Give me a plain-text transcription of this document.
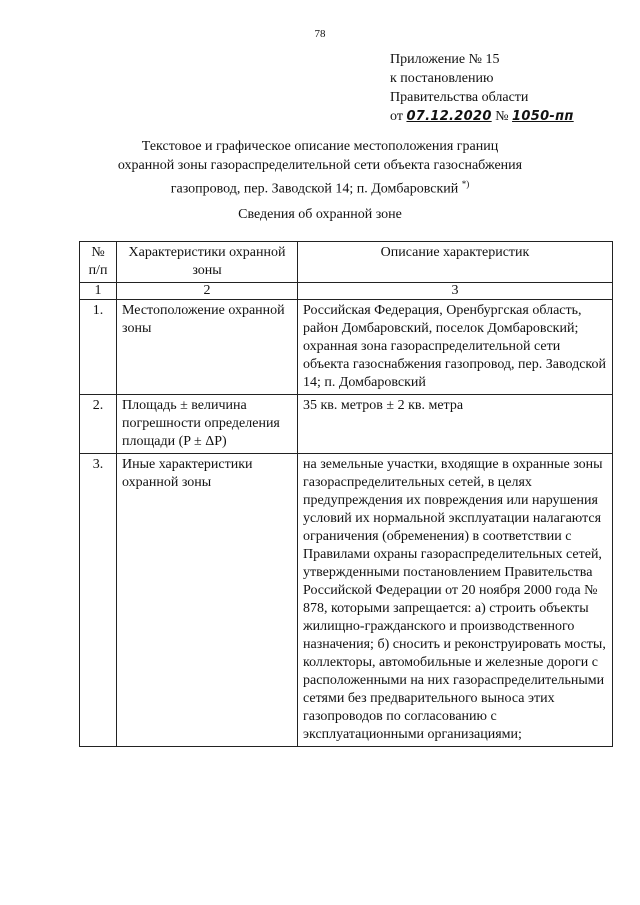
78
Приложение № 15
к постановлению
Правительства области
от 07.12.2020 № 1050-пп
Текстовое и графическое описание местоположения границ
охранной зоны газораспределительной сети объекта газоснабжения
газопровод, пер. Заводской 14; п. Домбаровский *)
Сведения об охранной зоне
№ п/п	Характеристики охранной зоны	Описание характеристик
1	2	3
1.	Местоположение охранной зоны	Российская Федерация, Оренбургская область, район Домбаровский, поселок Домбаровский; охранная зона газораспределительной сети объекта газоснабжения газопровод, пер. Заводской 14; п. Домбаровский
2.	Площадь ± величина погрешности определения площади (P ± ΔP)	35 кв. метров ± 2 кв. метра
3.	Иные характеристики охранной зоны	на земельные участки, входящие в охранные зоны газораспределительных сетей, в целях предупреждения их повреждения или нарушения условий их нормальной эксплуатации налагаются ограничения (обременения) в соответствии с Правилами охраны газораспределительных сетей, утвержденными постановлением Правительства Российской Федерации от 20 ноября 2000 года № 878, которыми запрещается: а) строить объекты жилищно-гражданского и производственного назначения; б) сносить и реконструировать мосты, коллекторы, автомобильные и железные дороги с расположенными на них газораспределительными сетями без предварительного выноса этих газопроводов по согласованию с эксплуатационными организациями;
